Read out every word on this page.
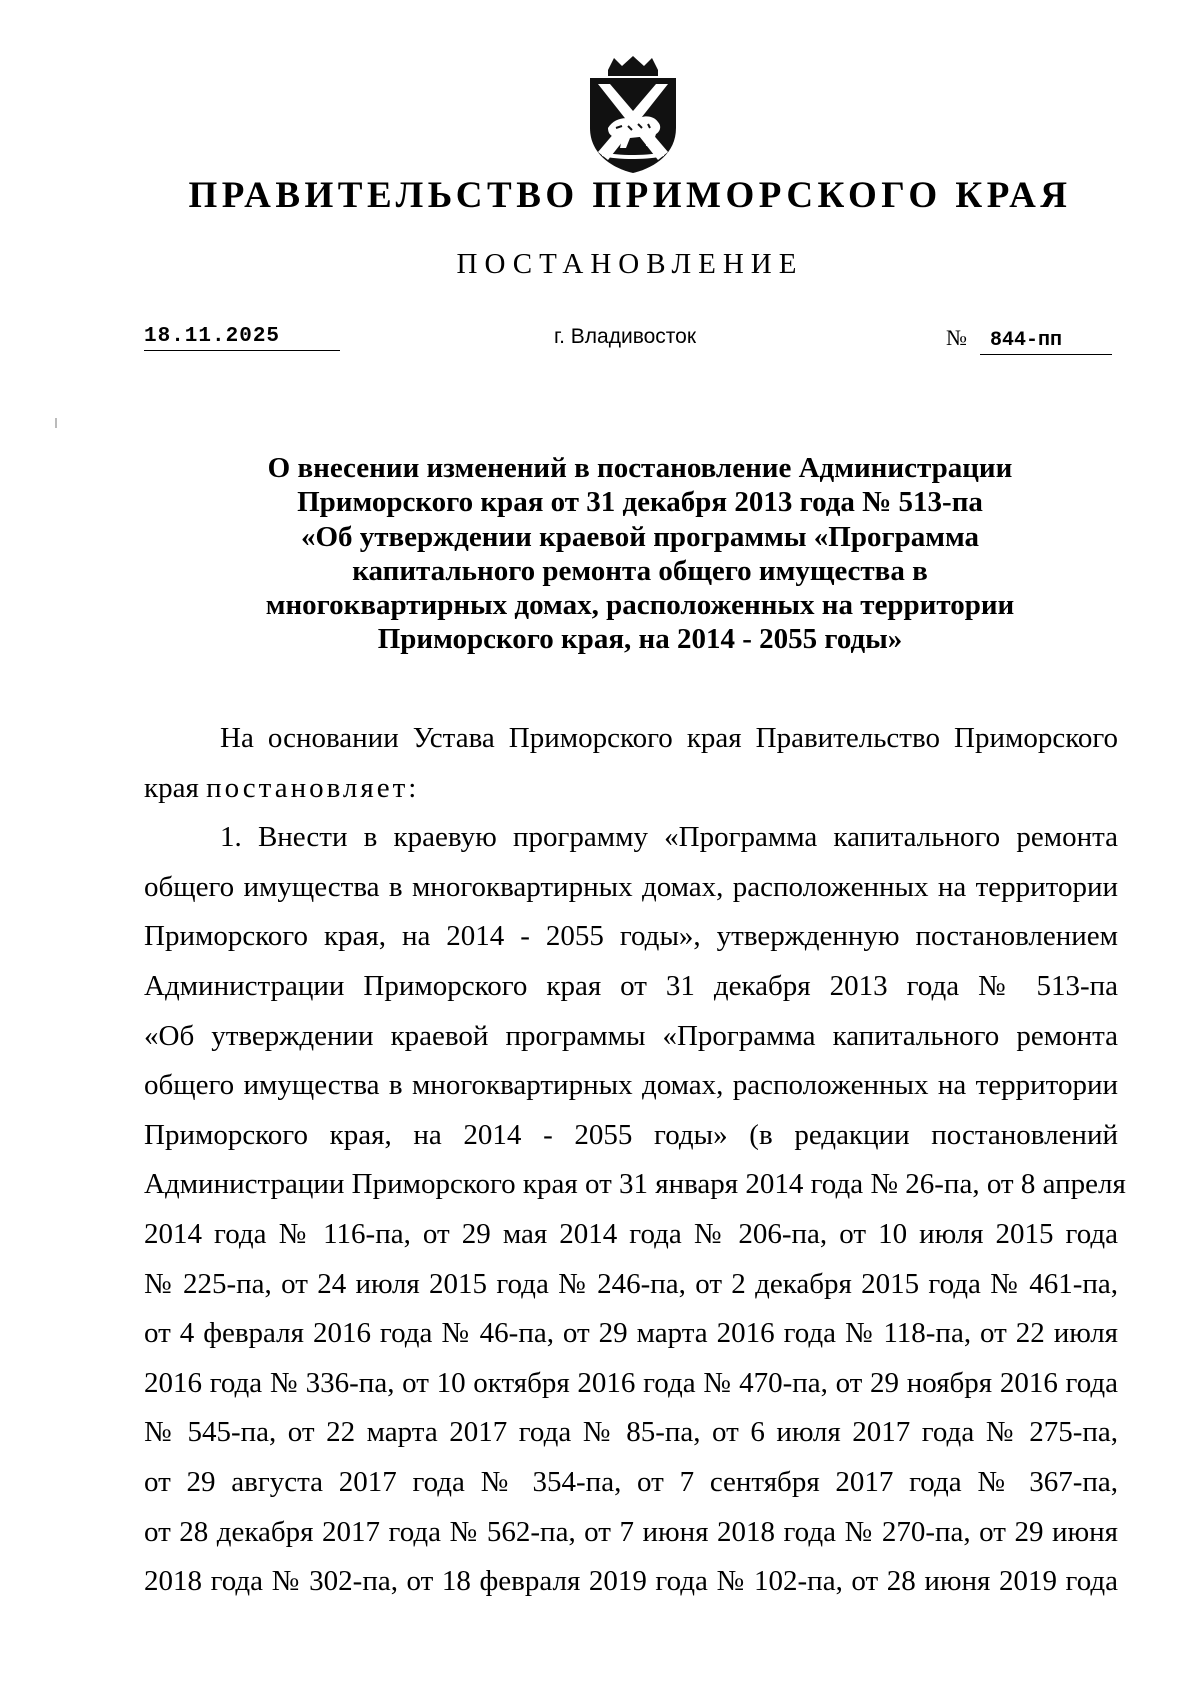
ПРАВИТЕЛЬСТВО ПРИМОРСКОГО КРАЯ
ПОСТАНОВЛЕНИЕ
18.11.2025	г. Владивосток	№ 844-пп
О внесении изменений в постановление Администрации
Приморского края от 31 декабря 2013 года № 513-па
«Об утверждении краевой программы «Программа
капитального ремонта общего имущества в
многоквартирных домах, расположенных на территории
Приморского края, на 2014 - 2055 годы»
На основании Устава Приморского края Правительство Приморского
края постановляет:
1. Внести в краевую программу «Программа капитального ремонта
общего имущества в многоквартирных домах, расположенных на территории
Приморского края, на 2014 - 2055 годы», утвержденную постановлением
Администрации Приморского края от 31 декабря 2013 года № 513-па
«Об утверждении краевой программы «Программа капитального ремонта
общего имущества в многоквартирных домах, расположенных на территории
Приморского края, на 2014 - 2055 годы» (в редакции постановлений
Администрации Приморского края от 31 января 2014 года № 26-па, от 8 апреля
2014 года № 116-па, от 29 мая 2014 года № 206-па, от 10 июля 2015 года
№ 225-па, от 24 июля 2015 года № 246-па, от 2 декабря 2015 года № 461-па,
от 4 февраля 2016 года № 46-па, от 29 марта 2016 года № 118-па, от 22 июля
2016 года № 336-па, от 10 октября 2016 года № 470-па, от 29 ноября 2016 года
№ 545-па, от 22 марта 2017 года № 85-па, от 6 июля 2017 года № 275-па,
от 29 августа 2017 года № 354-па, от 7 сентября 2017 года № 367-па,
от 28 декабря 2017 года № 562-па, от 7 июня 2018 года № 270-па, от 29 июня
2018 года № 302-па, от 18 февраля 2019 года № 102-па, от 28 июня 2019 года
